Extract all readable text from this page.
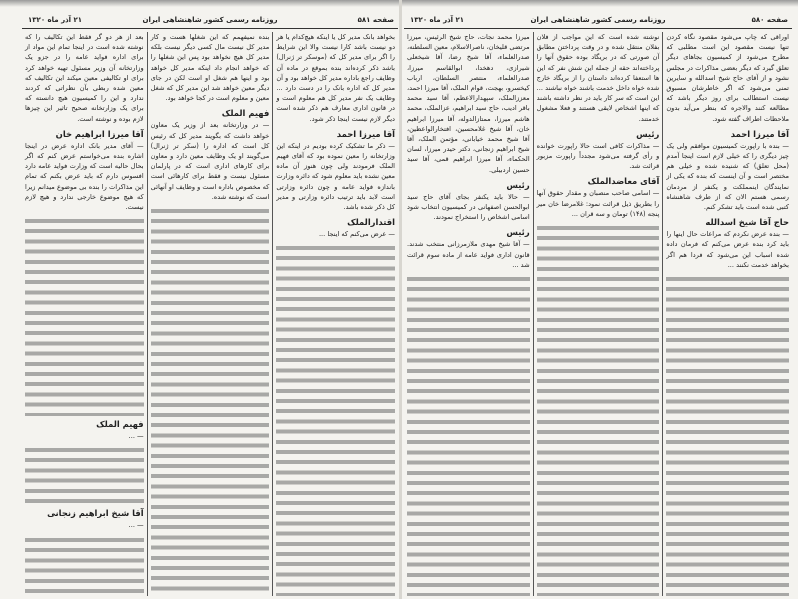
صفحه ۵۸۱
روزنامه رسمی کشور شاهنشاهی ایران
۲۱ آذر ماه ۱۳۲۰

بخواهد بانک مدیر کل یا اینکه هیچ‌کدام یا هر دو نیست باشد کارا نیست والا این شرایط را اگر برای مدیر کل که (موسکر تر ژنرال) باشد ذکر کرده‌اند بنده بموقع در ماده آن وظایف راجع باداره مدیر کل خواهد بود و آن مدیر کل که اداره بانک را در دست دارد ... وظایف یک نفر مدیر کل هم معلوم است و در قانون اداری معارف هم ذکر شده است دیگر لازم نیست اینجا ذکر شود.

آقا میرزا احمد

— ذکر ما تشکیک کرده بودیم در اینکه این وزارتخانه را معین نموده بود که آقای فهیم الملک فرمودند ولی چون هنوز آن ماده معین نشده باید معلوم شود که دائره وزارت باندازه فواید عامه و چون دائره وزارتی است لابد باید ترتیب دائره وزارتی و مدیر کل ذکر شده باشد.

اقتدارالملک

— عرض می‌کنم که اینجا ...

بنده نمیفهمم که این شغلها هست و کار مدیر کل نیست مال کسی دیگر نیست بلکه مدیر کل هیچ نخواهد بود پس این شغلها را که خواهد انجام داد اینکه مدیر کل خواهد بود و اینها هم شغل او است لکن در جای دیگر معین خواهد شد این مدیر کل که شغل معین و معلوم است در کجا خواهد بود.

فهیم الملک

— در وزارتخانه بعد از وزیر یک معاون خواهد داشت که بگویند مدیر کل که رئیس کل است که اداره را (سکر تر ژنرال) می‌گویند او یک وظایف معین دارد و معاون برای کارهای اداری است که در پارلمان مسئول نیست و فقط برای کارهائی است که مخصوص باداره است و وظایف او آنهائی است که نوشته شده.

بعد از هر دو گر فقط این تکالیف را که نوشته شده است در اینجا تمام این مواد از برای اداره فواید عامه را در جزو یک وزارتخانه آن وزیر مسئول تهیه خواهد کرد برای او تکالیفی معین میکند این تکالیف که معین شده ربطی بآن نظراتی که کردند ندارد و این را کمیسیون هیچ دانسته که برای یک وزارتخانه صحیح تاثیر این چیزها لازم بوده و نوشته است.

آقا میرزا ابراهیم خان

— آقای مدیر بانک اداره عرض در اینجا اشاره بنده می‌خواستم عرض کنم که اگر بحال حالیه است که وزارت فواید عامه دارد افسوس دارم که باید عرض بکنم که تمام این مذاکرات را بنده بی موضوع میدانم زیرا که هیچ موضوع خارجی ندارد و هیچ لازم نیست.

فهیم الملک

— ...

آقا شیخ ابراهیم زنجانی

— ...

صفحه ۵۸۰
روزنامه رسمی کشور شاهنشاهی ایران
۲۱ آذر ماه ۱۳۲۰

اوراقی که چاپ می‌شود مقصود نگاه کردن تنها نیست مقصود این است مطلبی که مطرح می‌شود از کمیسیون بجاهای دیگر تعلق گیرد که دیگر بعضی مذاکرات در مجلس نشود و از آقای حاج شیخ اسدالله و سایرین تمنی می‌شود که اگر خاطرشان مسبوق نیست استطالب برای روز دیگر باشد که مطالعه کنند والاجره که بنظر می‌آید بدون ملاحظات اطراف گفته شود.

آقا میرزا احمد

— بنده با راپورت کمیسیون موافقم ولی یک چیز دیگری را که خیلی لازم است اینجا آمدم (محل تعلق) که شنیده شده و خیلی هم مختصر است و آن اینست که بنده که یکی از نمایندگان اینمملکت و یکنفر از مردمان رسمی هستم الان که از طرف شاهنشاه کتبی شده است باید تشکر کنم.

حاج آقا شیخ اسدالله

— بنده عرض نکردم که مراعات حال اینها را باید کرد بنده عرض می‌کنم که فرمان داده شده اسباب این می‌شود که فردا هم اگر بخواهد خدمت نکنند ...

نوشته شده است که این مواجب از فلان بفلان منتقل شده و در وقت پرداختن مطابق آن صورتی که در بریگاد بوده حقوق آنها را پرداخته‌اند حقه از جمله این شش نفر که این ها استعفا کرده‌اند داستان را از بریگاد خارج شده خواه داخل خدمت باشند خواه نباشند ... این است که سر کار باید در نظر داشته باشند که اینها اشخاص لایقی هستند و فعلا مشغول خدمتند.

رئیس

— مذاکرات کافی است حالا راپورت خوانده و رأی گرفته می‌شود مجدداً راپورت مزبور قرائت شد.

آقای معاضدالملک

— اسامی صاحب منصبان و مقدار حقوق آنها را بطریق ذیل قرائت نمود: غلامرضا خان میر پنجه (۱۴۸) تومان و سه قران ...

میرزا محمد نجات، حاج شیخ الرئیس، میرزا مرتضی قلیخان، ناصرالاسلام، معین السلطنه، صدرالعلماء، آقا شیخ رضا، آقا شیخعلی شیرازی، دهخدا، ابوالقاسم میرزا، صدرالعلماء، منتصر السلطان، ارباب کیخسرو، بهجت، قوام الملک، آقا میرزا احمد، معززالملک، سپهدارالاعظم، آقا سید محمد باقر ادیب، حاج سید ابراهیم، عزالملک، محمد هاشم میرزا، ممتازالدوله، آقا میرزا ابراهیم خان، آقا شیخ غلامحسین، افتخارالواعظین، آقا شیخ محمد خیابانی، مؤتمن الملک، آقا شیخ ابراهیم زنجانی، دکتر حیدر میرزا، لسان الحکماء، آقا میرزا ابراهیم قمی، آقا سید حسین اردبیلی.

رئیس

— حالا باید یکنفر بجای آقای حاج سید ابوالحسن اصفهانی در کمیسیون انتخاب شود اسامی اشخاص را استخراج نمودند.

رئیس

— آقا شیخ مهدی ملازمرزانی منتخب شدند. قانون اداری فواید عامه از ماده سوم قرائت شد ...
